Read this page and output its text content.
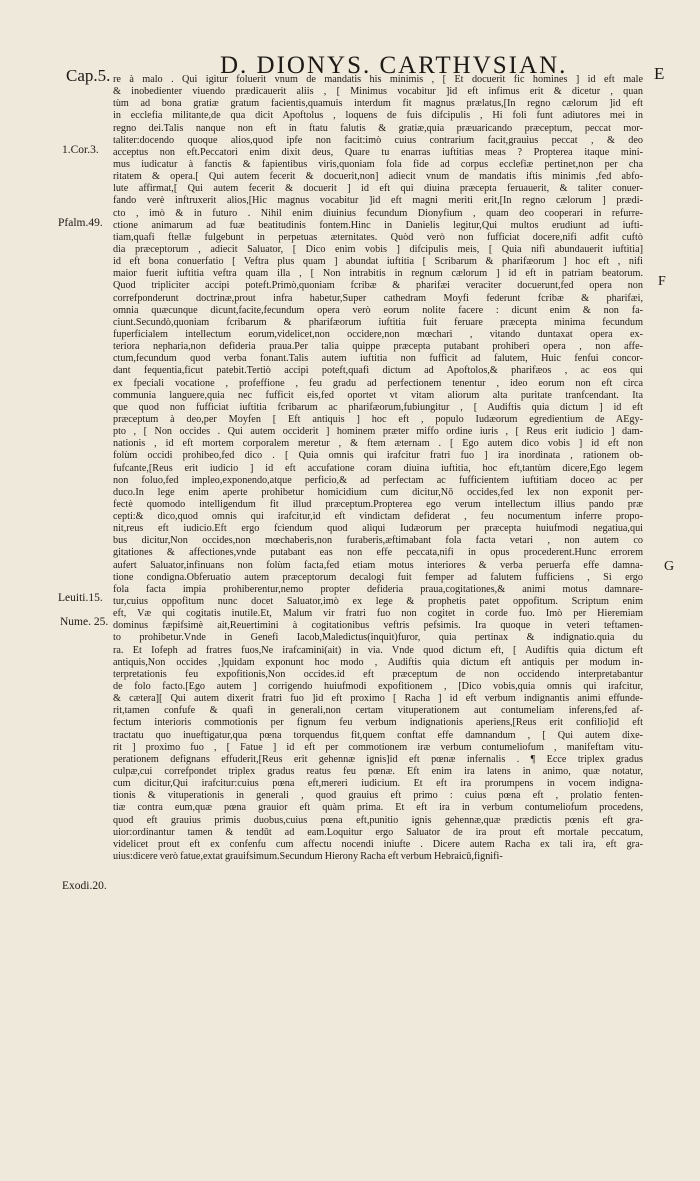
Cap.5.	D. DIONYS. CARTHVSIAN.	E
1.Cor.3.
Pfalm.49.
Leuiti.15.
Nume. 25.
Exodi.20.
F
G
re à malo . Qui igitur foluerit vnum de mandatis his minimis , [ Et docuerit fic homines ] id eft male
& inobedienter viuendo prædicauerit aliis , [ Minimus vocabitur ]id eft infimus erit & dicetur , quan
tùm ad bona gratiæ gratum facientis,quamuis interdum fit magnus prælatus,[In regno cælorum ]id eft
in ecclefia militante,de qua dicit Apoftolus , loquens de fuis difcipulis , Hi foli funt adiutores mei in
regno dei.Talis nanque non eft in ftatu falutis & gratiæ,quia præuaricando præceptum, peccat mor-
taliter:docendo quoque alios,quod ipfe non facit:imò cuius contrarium facit,grauius peccat , & deo
acceptus non eft.Peccatori enim dixit deus, Quare tu enarras iuftitias meas ? Propterea itaque mini-
mus iudicatur à fanctis & fapientibus viris,quoniam fola fide ad corpus ecclefiæ pertinet,non per cha
ritatem & opera.[ Qui autem fecerit & docuerit,non] adiecit vnum de mandatis iftis minimis ,fed abfo-
lute affirmat,[ Qui autem fecerit & docuerit ] id eft qui diuina præcepta feruauerit, & taliter conuer-
fando verè inftruxerit alios,[Hic magnus vocabitur ]id eft magni meriti erit,[In regno cælorum ] prædi-
cto , imò & in futuro . Nihil enim diuinius fecundum Dionyfium , quam deo cooperari in refurre-
ctione animarum ad fuæ beatitudinis fontem.Hinc in Danielis legitur,Qui multos erudiunt ad iufti-
tiam,quafi ftellæ fulgebunt in perpetuas æternitates. Quòd verò non fufficiat docere,nifi adfit cuftò
dia præceptorum , adiecit Saluator, [ Dico enim vobis ] difcipulis meis, [ Quia nifi abundauerit iuftitia]
id eft bona conuerfatio [ Veftra plus quam ] abundat iuftitia [ Scribarum & pharifæorum ] hoc eft , nifi
maior fuerit iuftitia veftra quam illa , [ Non intrabitis in regnum cælorum ] id eft in patriam beatorum.
Quod tripliciter accipi poteft.Primò,quoniam fcribæ & pharifæi veraciter docuerunt,fed opera non
correfponderunt doctrinæ,prout infra habetur,Super cathedram Moyfi federunt fcribæ & pharifæi,
omnia quæcunque dicunt,facite,fecundum opera verò eorum nolite facere : dicunt enim & non fa-
ciunt.Secundò,quoniam fcribarum & pharifæorum iuftitia fuit feruare præcepta minima fecundum
fuperficialem intellectum eorum,videlicet,non occidere,non mœchari , vitando duntaxat opera ex-
teriora nepharia,non defideria praua.Per talia quippe præcepta putabant prohiberi opera , non affe-
ctum,fecundum quod verba fonant.Talis autem iuftitia non fufficit ad falutem, Huic fenfui concor-
dant fequentia,ficut patebit.Tertiò accipi poteft,quafi dictum ad Apoftolos,& pharifæos , ac eos qui
ex fpeciali vocatione , profeffione , feu gradu ad perfectionem tenentur , ideo eorum non eft circa
communia languere,quia nec fufficit eis,fed oportet vt vitam aliorum alta puritate tranfcendant. Ita
que quod non fufficiat iuftitia fcribarum ac pharifæorum,fubiungitur , [ Audiftis quia dictum ] id eft
præceptum à deo,per Moyfen [ Eft antiquis ] hoc eft , populo Iudæorum egredientium de AEgy-
pto , [ Non occides . Qui autem occiderit ] hominem præter miffo ordine iuris , [ Reus erit iudicio ] dam-
nationis , id eft mortem corporalem meretur , & ftem æternam . [ Ego autem dico vobis ] id eft non
folùm occidi prohibeo,fed dico . [ Quia omnis qui irafcitur fratri fuo ] ira inordinata , rationem ob-
fufcante,[Reus erit iudicio ] id eft accufatione coram diuina iuftitia, hoc eft,tantùm dicere,Ego legem
non foluo,fed impleo,exponendo,atque perficio,& ad perfectam ac fufficientem iuftitiam doceo ac per
duco.In lege enim aperte prohibetur homicidium cum dicitur,Nō occides,fed lex non exponit per-
fectè quomodo intelligendum fit illud præceptum.Propterea ego verum intellectum illius pando præ
cepti:& dico,quod omnis qui irafcitur,id eft vindictam defiderat , feu nocumentum inferre propo-
nit,reus eft iudicio.Eft ergo fciendum quod aliqui Iudæorum per præcepta huiufmodi negatiua,qui
bus dicitur,Non occides,non mœchaberis,non furaberis,æftimabant fola facta vetari , non autem co
gitationes & affectiones,vnde putabant eas non effe peccata,nifi in opus procederent.Hunc errorem
aufert Saluator,infinuans non folùm facta,fed etiam motus interiores & verba peruerfa effe damna-
tione condigna.Obferuatio autem præceptorum decalogi fuit femper ad falutem fufficiens , Si ergo
fola facta impia prohiberentur,nemo propter defideria praua,cogitationes,& animi motus damnare-
tur,cuius oppofitum nunc docet Saluator,imò ex lege & prophetis patet oppofitum. Scriptum enim
eft, Væ qui cogitatis inutile.Et, Malum vir fratri fuo non cogitet in corde fuo. Imò per Hieremiam
dominus fæpifsimè ait,Reuertimini à cogitationibus veftris pefsimis. Ira quoque in veteri teftamen-
to prohibetur.Vnde in Genefi Iacob,Maledictus(inquit)furor, quia pertinax & indignatio.quia du
ra. Et Iofeph ad fratres fuos,Ne irafcamini(ait) in via. Vnde quod dictum eft, [ Audiftis quia dictum eft
antiquis,Non occides ,]quidam exponunt hoc modo , Audiftis quia dictum eft antiquis per modum in-
terpretationis feu expofitionis,Non occides.id eft præceptum de non occidendo interpretabantur
de folo facto.[Ego autem ] corrigendo huiufmodi expofitionem , [Dico vobis,quia omnis qui irafcitur,
& cætera][ Qui autem dixerit fratri fuo ]id eft proximo [ Racha ] id eft verbum indignantis animi effunde-
rit,tamen confufe & quafi in generali,non certam vituperationem aut contumeliam inferens,fed af-
fectum interioris commotionis per fignum feu verbum indignationis aperiens,[Reus erit confilio]id eft
tractatu quo inueftigatur,qua pœna torquendus fit,quem conftat effe damnandum , [ Qui autem dixe-
rit ] proximo fuo , [ Fatue ] id eft per commotionem iræ verbum contumeliofum , manifeftam vitu-
perationem defignans effuderit,[Reus erit gehennæ ignis]id eft pœnæ infernalis . ¶ Ecce triplex gradus
culpæ,cui correfpondet triplex gradus reatus feu pœnæ. Eft enim ira latens in animo, quæ notatur,
cum dicitur,Qui irafcitur:cuius pœna eft,mereri iudicium. Et eft ira prorumpens in vocem indigna-
tionis & vituperationis in generali , quod grauius eft primo : cuius pœna eft , prolatio fenten-
tiæ contra eum,quæ pœna grauior eft quàm prima. Et eft ira in verbum contumeliofum procedens,
quod eft grauius primis duobus,cuius pœna eft,punitio ignis gehennæ,quæ prædictis pœnis eft gra-
uior:ordinantur tamen & tendūt ad eam.Loquitur ergo Saluator de ira prout eft mortale peccatum,
videlicet prout eft ex confenfu cum affectu nocendi iniufte . Dicere autem Racha ex tali ira, eft gra-
uius:dicere verò fatue,extat grauifsimum.Secundum Hierony Racha eft verbum Hebraicū,fignifi-
